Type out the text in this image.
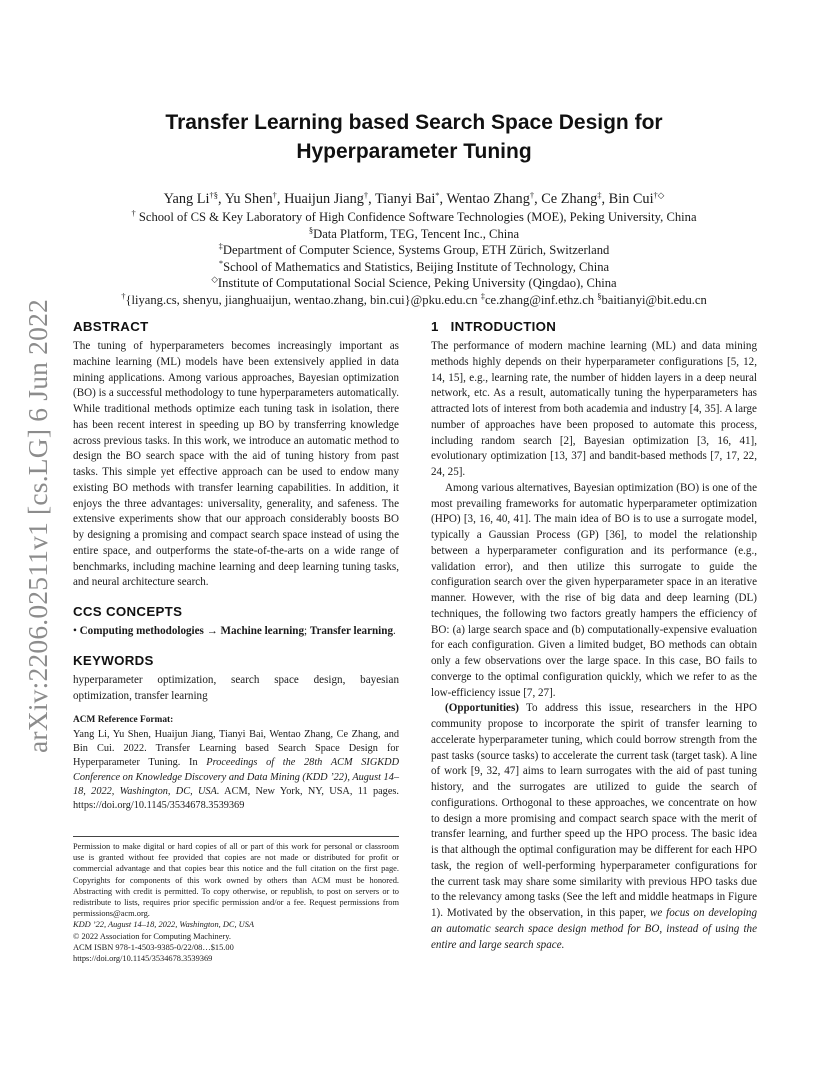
arXiv:2206.02511v1 [cs.LG] 6 Jun 2022
Transfer Learning based Search Space Design for Hyperparameter Tuning

Yang Li†§, Yu Shen†, Huaijun Jiang†, Tianyi Bai*, Wentao Zhang†, Ce Zhang‡, Bin Cui†◇

† School of CS & Key Laboratory of High Confidence Software Technologies (MOE), Peking University, China

§Data Platform, TEG, Tencent Inc., China

‡Department of Computer Science, Systems Group, ETH Zürich, Switzerland

*School of Mathematics and Statistics, Beijing Institute of Technology, China

◇Institute of Computational Social Science, Peking University (Qingdao), China

†{liyang.cs, shenyu, jianghuaijun, wentao.zhang, bin.cui}@pku.edu.cn ‡ce.zhang@inf.ethz.ch §baitianyi@bit.edu.cn

ABSTRACT

The tuning of hyperparameters becomes increasingly important as machine learning (ML) models have been extensively applied in data mining applications. Among various approaches, Bayesian optimization (BO) is a successful methodology to tune hyperparameters automatically. While traditional methods optimize each tuning task in isolation, there has been recent interest in speeding up BO by transferring knowledge across previous tasks. In this work, we introduce an automatic method to design the BO search space with the aid of tuning history from past tasks. This simple yet effective approach can be used to endow many existing BO methods with transfer learning capabilities. In addition, it enjoys the three advantages: universality, generality, and safeness. The extensive experiments show that our approach considerably boosts BO by designing a promising and compact search space instead of using the entire space, and outperforms the state-of-the-arts on a wide range of benchmarks, including machine learning and deep learning tuning tasks, and neural architecture search.

CCS CONCEPTS

• Computing methodologies → Machine learning; Transfer learning.

KEYWORDS

hyperparameter optimization, search space design, bayesian optimization, transfer learning

ACM Reference Format:

Yang Li, Yu Shen, Huaijun Jiang, Tianyi Bai, Wentao Zhang, Ce Zhang, and Bin Cui. 2022. Transfer Learning based Search Space Design for Hyperparameter Tuning. In Proceedings of the 28th ACM SIGKDD Conference on Knowledge Discovery and Data Mining (KDD ’22), August 14–18, 2022, Washington, DC, USA. ACM, New York, NY, USA, 11 pages. https://doi.org/10.1145/3534678.3539369

Permission to make digital or hard copies of all or part of this work for personal or classroom use is granted without fee provided that copies are not made or distributed for profit or commercial advantage and that copies bear this notice and the full citation on the first page. Copyrights for components of this work owned by others than ACM must be honored. Abstracting with credit is permitted. To copy otherwise, or republish, to post on servers or to redistribute to lists, requires prior specific permission and/or a fee. Request permissions from permissions@acm.org.

KDD ’22, August 14–18, 2022, Washington, DC, USA

© 2022 Association for Computing Machinery.

ACM ISBN 978-1-4503-9385-0/22/08…$15.00

https://doi.org/10.1145/3534678.3539369

1   INTRODUCTION

The performance of modern machine learning (ML) and data mining methods highly depends on their hyperparameter configurations [5, 12, 14, 15], e.g., learning rate, the number of hidden layers in a deep neural network, etc. As a result, automatically tuning the hyperparameters has attracted lots of interest from both academia and industry [4, 35]. A large number of approaches have been proposed to automate this process, including random search [2], Bayesian optimization [3, 16, 41], evolutionary optimization [13, 37] and bandit-based methods [7, 17, 22, 24, 25].

Among various alternatives, Bayesian optimization (BO) is one of the most prevailing frameworks for automatic hyperparameter optimization (HPO) [3, 16, 40, 41]. The main idea of BO is to use a surrogate model, typically a Gaussian Process (GP) [36], to model the relationship between a hyperparameter configuration and its performance (e.g., validation error), and then utilize this surrogate to guide the configuration search over the given hyperparameter space in an iterative manner. However, with the rise of big data and deep learning (DL) techniques, the following two factors greatly hampers the efficiency of BO: (a) large search space and (b) computationally-expensive evaluation for each configuration. Given a limited budget, BO methods can obtain only a few observations over the large space. In this case, BO fails to converge to the optimal configuration quickly, which we refer to as the low-efficiency issue [7, 27].

(Opportunities) To address this issue, researchers in the HPO community propose to incorporate the spirit of transfer learning to accelerate hyperparameter tuning, which could borrow strength from the past tasks (source tasks) to accelerate the current task (target task). A line of work [9, 32, 47] aims to learn surrogates with the aid of past tuning history, and the surrogates are utilized to guide the search of configurations. Orthogonal to these approaches, we concentrate on how to design a more promising and compact search space with the merit of transfer learning, and further speed up the HPO process. The basic idea is that although the optimal configuration may be different for each HPO task, the region of well-performing hyperparameter configurations for the current task may share some similarity with previous HPO tasks due to the relevancy among tasks (See the left and middle heatmaps in Figure 1). Motivated by the observation, in this paper, we focus on developing an automatic search space design method for BO, instead of using the entire and large search space.
